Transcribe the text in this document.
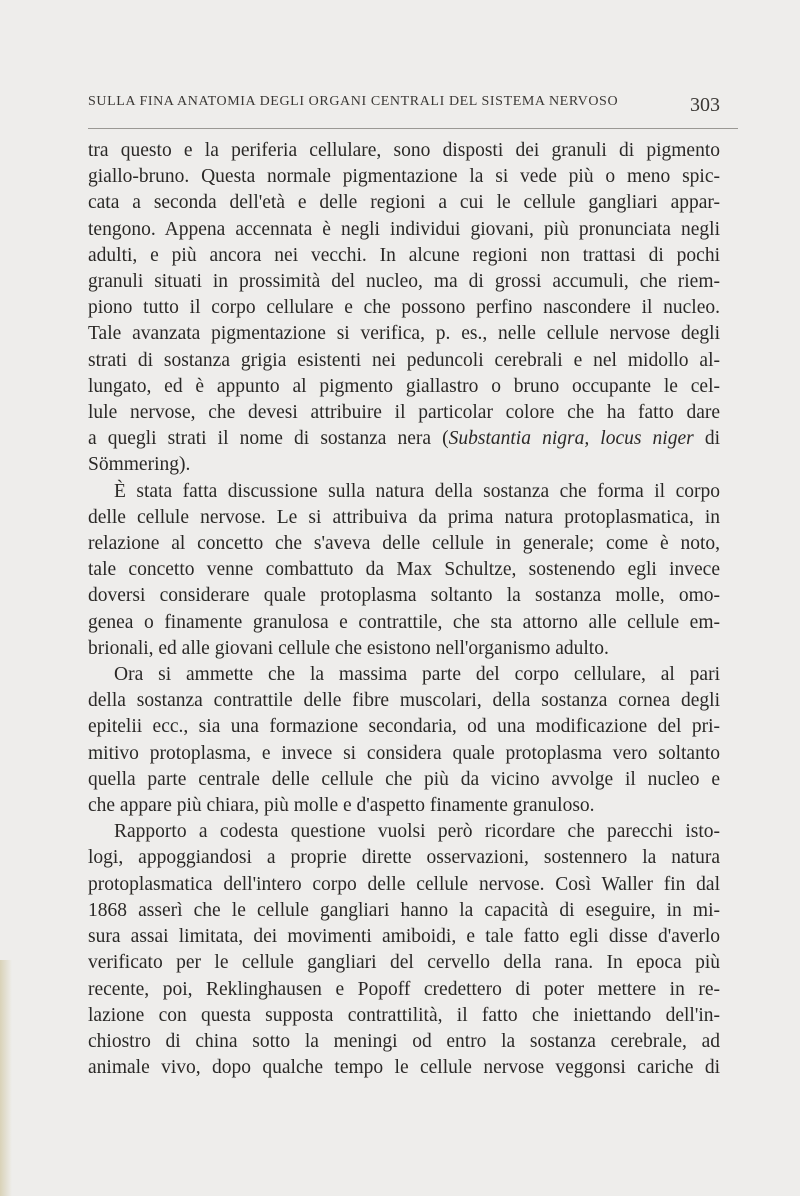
SULLA FINA ANATOMIA DEGLI ORGANI CENTRALI DEL SISTEMA NERVOSO	303
tra questo e la periferia cellulare, sono disposti dei granuli di pigmento
giallo-bruno. Questa normale pigmentazione la si vede più o meno spic-
cata a seconda dell'età e delle regioni a cui le cellule gangliari appar-
tengono. Appena accennata è negli individui giovani, più pronunciata negli
adulti, e più ancora nei vecchi. In alcune regioni non trattasi di pochi
granuli situati in prossimità del nucleo, ma di grossi accumuli, che riem-
piono tutto il corpo cellulare e che possono perfino nascondere il nucleo.
Tale avanzata pigmentazione si verifica, p. es., nelle cellule nervose degli
strati di sostanza grigia esistenti nei peduncoli cerebrali e nel midollo al-
lungato, ed è appunto al pigmento giallastro o bruno occupante le cel-
lule nervose, che devesi attribuire il particolar colore che ha fatto dare
a quegli strati il nome di sostanza nera (Substantia nigra, locus niger di
Sömmering).
È stata fatta discussione sulla natura della sostanza che forma il corpo
delle cellule nervose. Le si attribuiva da prima natura protoplasmatica, in
relazione al concetto che s'aveva delle cellule in generale; come è noto,
tale concetto venne combattuto da Max Schultze, sostenendo egli invece
doversi considerare quale protoplasma soltanto la sostanza molle, omo-
genea o finamente granulosa e contrattile, che sta attorno alle cellule em-
brionali, ed alle giovani cellule che esistono nell'organismo adulto.
Ora si ammette che la massima parte del corpo cellulare, al pari
della sostanza contrattile delle fibre muscolari, della sostanza cornea degli
epitelii ecc., sia una formazione secondaria, od una modificazione del pri-
mitivo protoplasma, e invece si considera quale protoplasma vero soltanto
quella parte centrale delle cellule che più da vicino avvolge il nucleo e
che appare più chiara, più molle e d'aspetto finamente granuloso.
Rapporto a codesta questione vuolsi però ricordare che parecchi isto-
logi, appoggiandosi a proprie dirette osservazioni, sostennero la natura
protoplasmatica dell'intero corpo delle cellule nervose. Così Waller fin dal
1868 asserì che le cellule gangliari hanno la capacità di eseguire, in mi-
sura assai limitata, dei movimenti amiboidi, e tale fatto egli disse d'averlo
verificato per le cellule gangliari del cervello della rana. In epoca più
recente, poi, Reklinghausen e Popoff credettero di poter mettere in re-
lazione con questa supposta contrattilità, il fatto che iniettando dell'in-
chiostro di china sotto la meningi od entro la sostanza cerebrale, ad
animale vivo, dopo qualche tempo le cellule nervose veggonsi cariche di
